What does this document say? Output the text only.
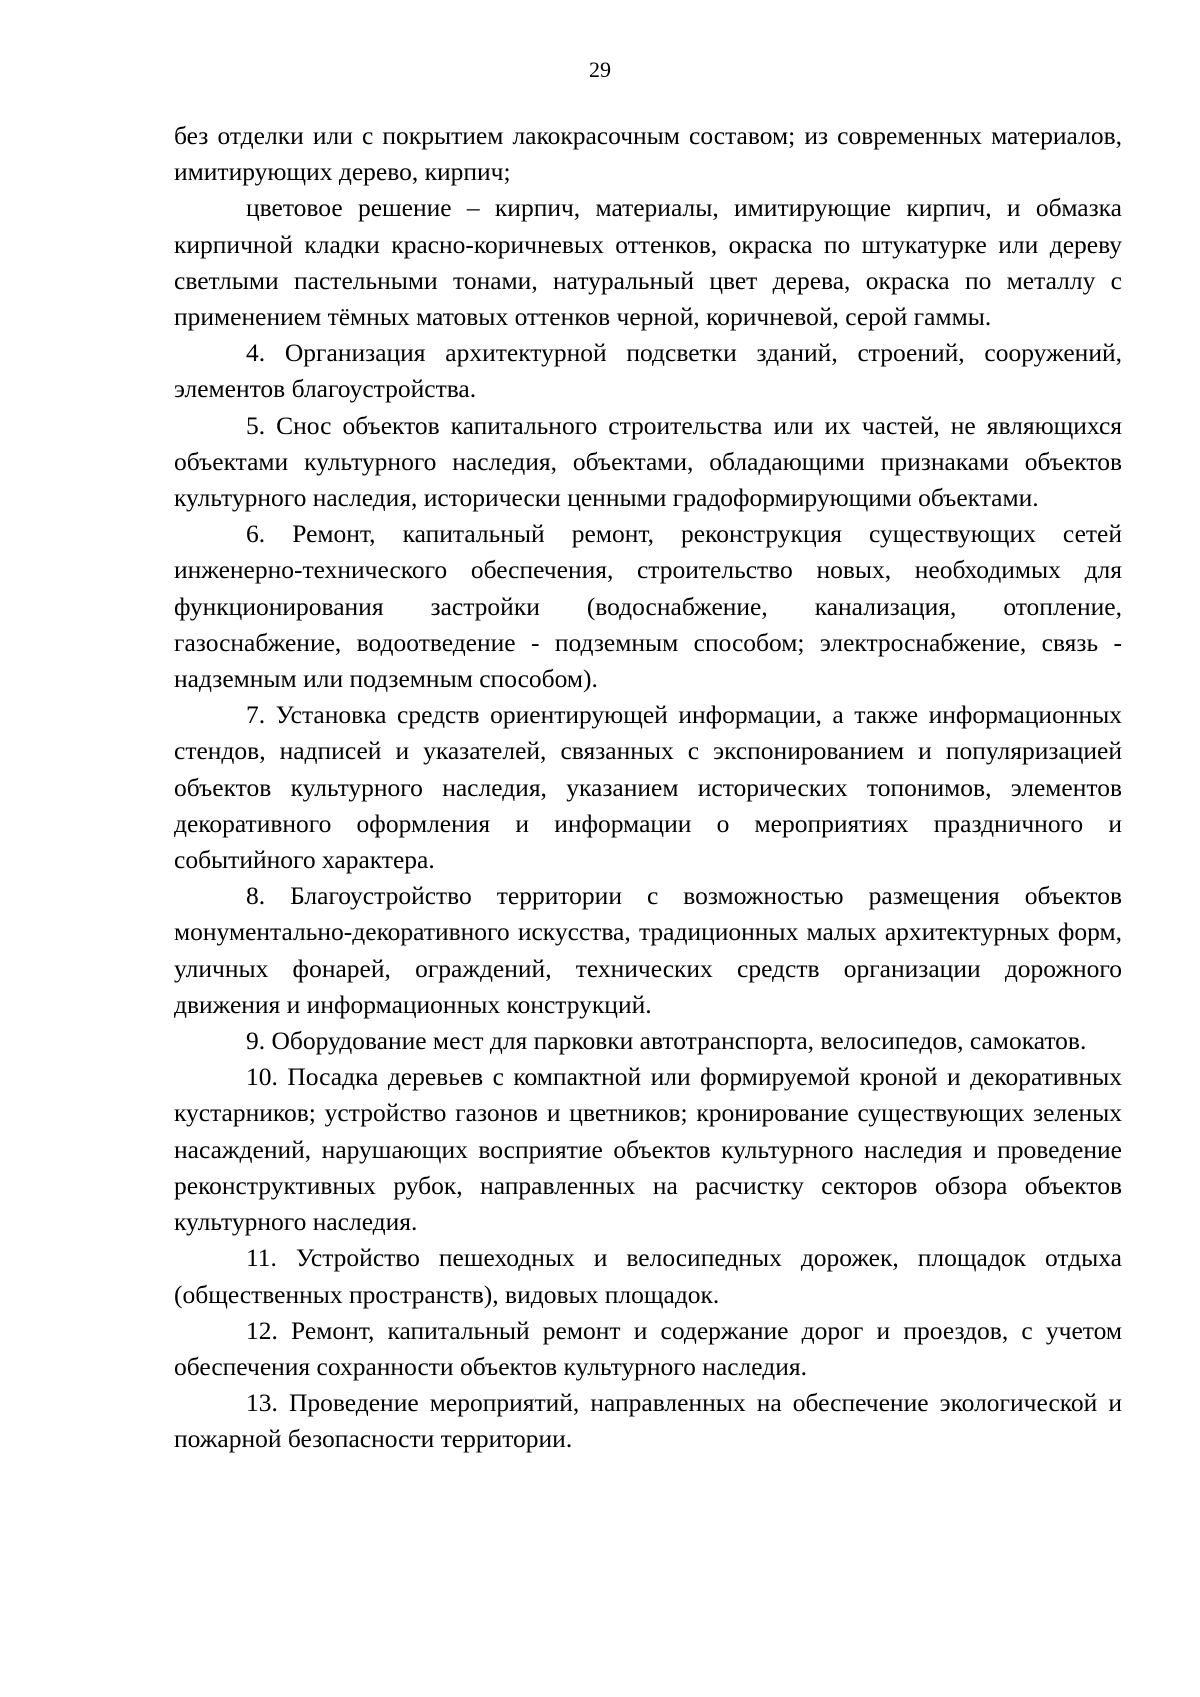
29

без отделки или с покрытием лакокрасочным составом; из современных материалов, имитирующих дерево, кирпич;

цветовое решение – кирпич, материалы, имитирующие кирпич, и обмазка кирпичной кладки красно-коричневых оттенков, окраска по штукатурке или дереву светлыми пастельными тонами, натуральный цвет дерева, окраска по металлу с применением тёмных матовых оттенков черной, коричневой, серой гаммы.

4. Организация архитектурной подсветки зданий, строений, сооружений, элементов благоустройства.

5. Снос объектов капитального строительства или их частей, не являющихся объектами культурного наследия, объектами, обладающими признаками объектов культурного наследия, исторически ценными градоформирующими объектами.

6. Ремонт, капитальный ремонт, реконструкция существующих сетей инженерно-технического обеспечения, строительство новых, необходимых для функционирования застройки (водоснабжение, канализация, отопление, газоснабжение, водоотведение - подземным способом; электроснабжение, связь - надземным или подземным способом).

7. Установка средств ориентирующей информации, а также информационных стендов, надписей и указателей, связанных с экспонированием и популяризацией объектов культурного наследия, указанием исторических топонимов, элементов декоративного оформления и информации о мероприятиях праздничного и событийного характера.

8. Благоустройство территории с возможностью размещения объектов монументально-декоративного искусства, традиционных малых архитектурных форм, уличных фонарей, ограждений, технических средств организации дорожного движения и информационных конструкций.

9. Оборудование мест для парковки автотранспорта, велосипедов, самокатов.

10. Посадка деревьев с компактной или формируемой кроной и декоративных кустарников; устройство газонов и цветников; кронирование существующих зеленых насаждений, нарушающих восприятие объектов культурного наследия и проведение реконструктивных рубок, направленных на расчистку секторов обзора объектов культурного наследия.

11. Устройство пешеходных и велосипедных дорожек, площадок отдыха (общественных пространств), видовых площадок.

12. Ремонт, капитальный ремонт и содержание дорог и проездов, с учетом обеспечения сохранности объектов культурного наследия.

13. Проведение мероприятий, направленных на обеспечение экологической и пожарной безопасности территории.
